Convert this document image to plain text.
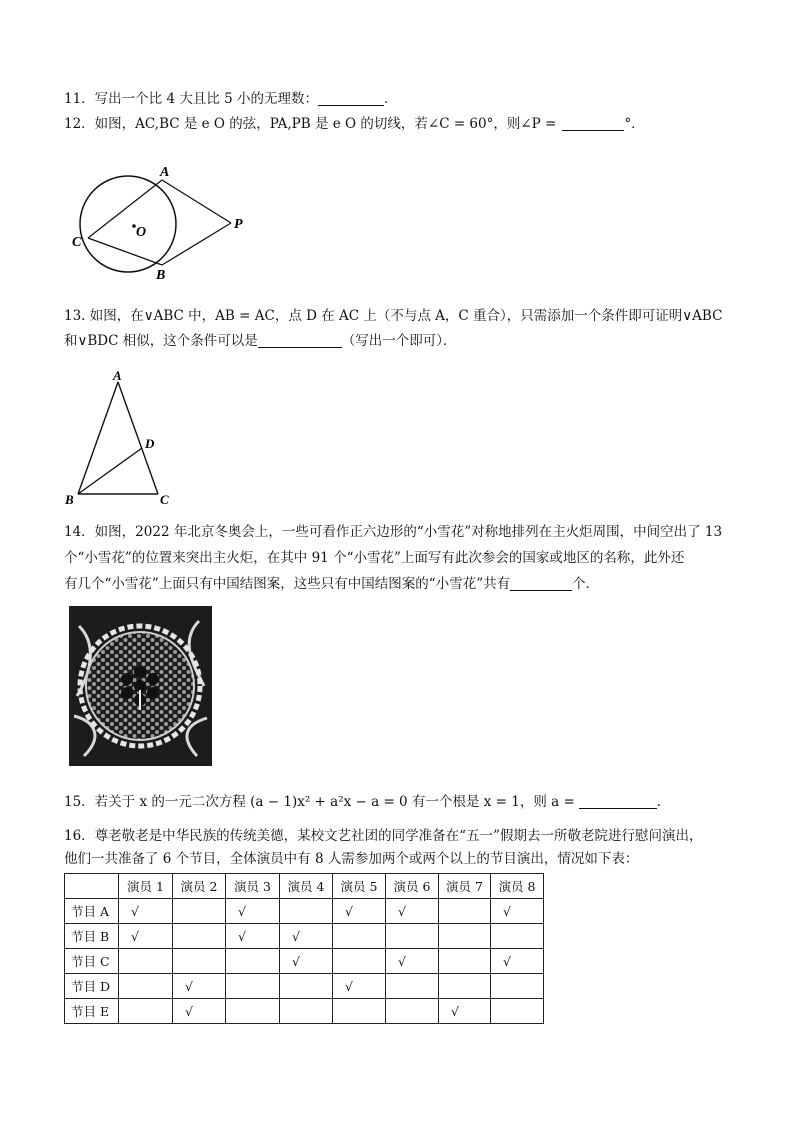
11．写出一个比 4 大且比 5 小的无理数：	．
12．如图，AC,BC 是 e O 的弦，PA,PB 是 e O 的切线，若∠C = 60°，则∠P =	°．
A
O
C
B
P
13. 如图，在∨ABC 中，AB = AC，点 D 在 AC 上（不与点 A，C 重合），只需添加一个条件即可证明∨ABC
和∨BDC 相似，这个条件可以是	（写出一个即可）．
A
D
B	C
14．如图，2022 年北京冬奥会上，一些可看作正六边形的“小雪花”对称地排列在主火炬周围，中间空出了 13
个“小雪花”的位置来突出主火炬，在其中 91 个“小雪花”上面写有此次参会的国家或地区的名称，此外还
有几个“小雪花”上面只有中国结图案，这些只有中国结图案的“小雪花”共有	个．
15．若关于 x 的一元二次方程 (a − 1)x² + a²x − a = 0 有一个根是 x = 1，则 a =	．
16．尊老敬老是中华民族的传统美德，某校文艺社团的同学准备在“五一”假期去一所敬老院进行慰问演出，
他们一共准备了 6 个节目，全体演员中有 8 人需参加两个或两个以上的节目演出，情况如下表：
	演员 1	演员 2	演员 3	演员 4	演员 5	演员 6	演员 7	演员 8
节目 A	√		√		√	√		√
节目 B	√		√	√				
节目 C				√		√		√
节目 D		√			√			
节目 E		√					√	
